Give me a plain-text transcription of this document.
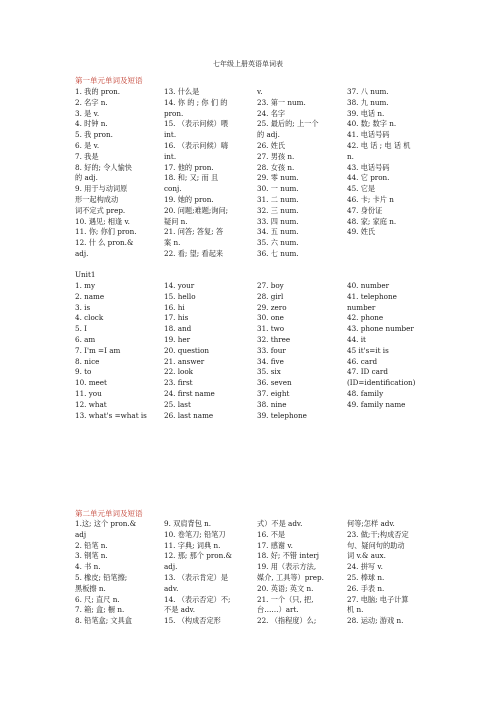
七年级上册英语单词表
第一单元单词及短语
1. 我的 pron.
2. 名字 n.
3. 是 v.
4. 时钟 n.
5. 我 pron.
6. 是 v.
7. 我是
8. 好的; 令人愉快
的 adj.
9. 用于与动词原
形一起构成动
词不定式 prep.
10. 遇见; 相逢 v.
11. 你; 你们 pron.
12. 什 么 pron.&
adj.
13. 什么是
14. 你 的 ; 你 们 的
pron.
15. （表示问候）喂
int.
16. （表示问候）嗨
int.
17. 他的 pron.
18. 和; 又; 而 且
conj.
19. 她的 pron.
20. 问题;难题;询问;
疑问 n.
21. 问答; 答复; 答
案 n.
22. 看; 望; 看起来
v.
23. 第一 num.
24. 名字
25. 最后的; 上一个
的 adj.
26. 姓氏
27. 男孩 n.
28. 女孩 n.
29. 零 num.
30. 一 num.
31. 二 num.
32. 三 num.
33. 四 num.
34. 五 num.
35. 六 num.
36. 七 num.
37. 八 num.
38. 九 num.
39. 电话 n.
40. 数; 数字 n.
41. 电话号码
42. 电 话 ; 电 话 机
n.
43. 电话号码
44. 它 pron.
45. 它是
46. 卡; 卡片 n
47. 身份证
48. 家; 家庭 n.
49. 姓氏
Unit1
1. my
2. name
3. is
4. clock
5. I
6. am
7. I'm =I am
8. nice
9. to
10. meet
11. you
12. what
13. what's =what is
14. your
15. hello
16. hi
17. his
18. and
19. her
20. question
21. answer
22. look
23. first
24. first name
25. last
26. last name
27. boy
28. girl
29. zero
30. one
31. two
32. three
33. four
34. five
35. six
36. seven
37. eight
38. nine
39. telephone
40. number
41. telephone
number
42. phone
43. phone number
44. it
45 it's=it is
46. card
47. ID card
(ID=identification)
48. family
49. family name
第二单元单词及短语
1.这; 这个 pron.&
adj
2. 铅笔 n.
3. 钢笔 n.
4. 书 n.
5. 橡皮; 铅笔擦;
黑板擦 n.
6. 尺; 直尺 n.
7. 箱; 盒; 橱 n.
8. 铅笔盒; 文具盒
9. 双肩背包 n.
10. 卷笔刀; 铅笔刀
11. 字典; 词典 n.
12. 那; 那个 pron.&
adj.
13. （表示肯定）是
adv.
14. （表示否定）不;
不是 adv.
15. （构成否定形
式）不是 adv.
16. 不是
17. 感谢 v.
18. 好; 不错 interj
19. 用（表示方法,
媒介, 工具等）prep.
20. 英语; 英文 n.
21. 一个（只, 把,
台……）art.
22. （指程度）么;
何等;怎样 adv.
23. 做;干;构成否定
句、疑问句的助动
词 v.& aux.
24. 拼写 v.
25. 棒球 n.
26. 手表 n.
27. 电脑; 电子计算
机 n.
28. 运动; 游戏 n.
